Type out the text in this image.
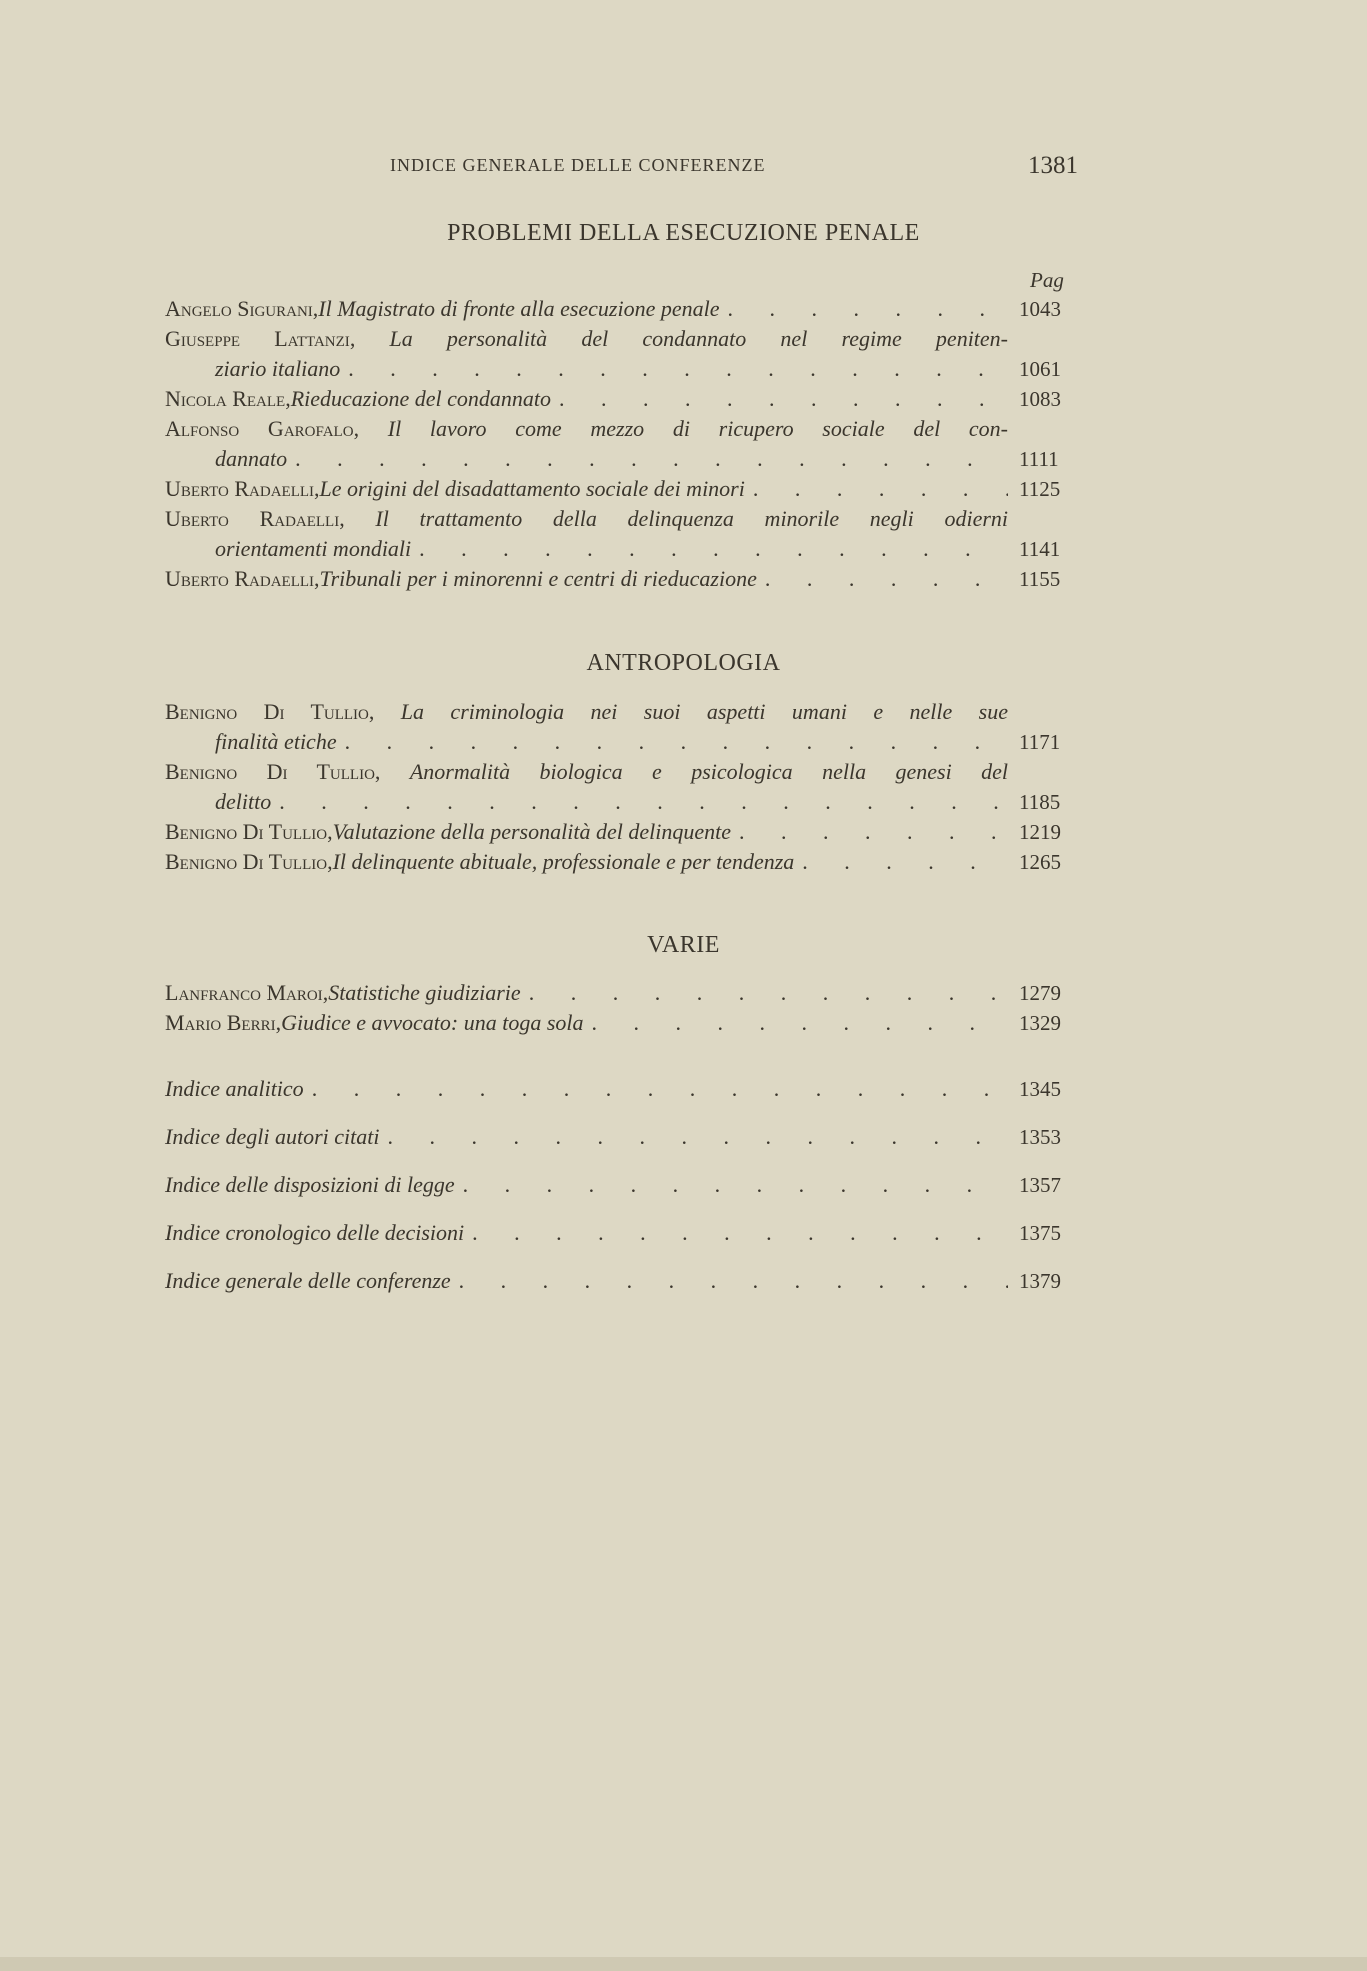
INDICE GENERALE DELLE CONFERENZE	1381
PROBLEMI DELLA ESECUZIONE PENALE
Pag
Angelo Sigurani , Il Magistrato di fronte alla esecuzione penale . . .	1043
Giuseppe Lattanzi , La personalità del condannato nel regime peniten-
ziario italiano . . .	1061
Nicola Reale , Rieducazione del condannato . . .	1083
Alfonso Garofalo , Il lavoro come mezzo di ricupero sociale del con-
dannato . . .	1111
Uberto Radaelli , Le origini del disadattamento sociale dei minori . . .	1125
Uberto Radaelli , Il trattamento della delinquenza minorile negli odierni
orientamenti mondiali . . .	1141
Uberto Radaelli , Tribunali per i minorenni e centri di rieducazione . . .	1155
ANTROPOLOGIA
Benigno Di Tullio , La criminologia nei suoi aspetti umani e nelle sue
finalità etiche . . .	1171
Benigno Di Tullio , Anormalità biologica e psicologica nella genesi del
delitto . . .	1185
Benigno Di Tullio , Valutazione della personalità del delinquente . . .	1219
Benigno Di Tullio , Il delinquente abituale, professionale e per tendenza . . .	1265
VARIE
Lanfranco Maroi , Statistiche giudiziarie . . .	1279
Mario Berri , Giudice e avvocato: una toga sola . . .	1329
Indice analitico . . .	1345
Indice degli autori citati . . .	1353
Indice delle disposizioni di legge . . .	1357
Indice cronologico delle decisioni . . .	1375
Indice generale delle conferenze . . .	1379
